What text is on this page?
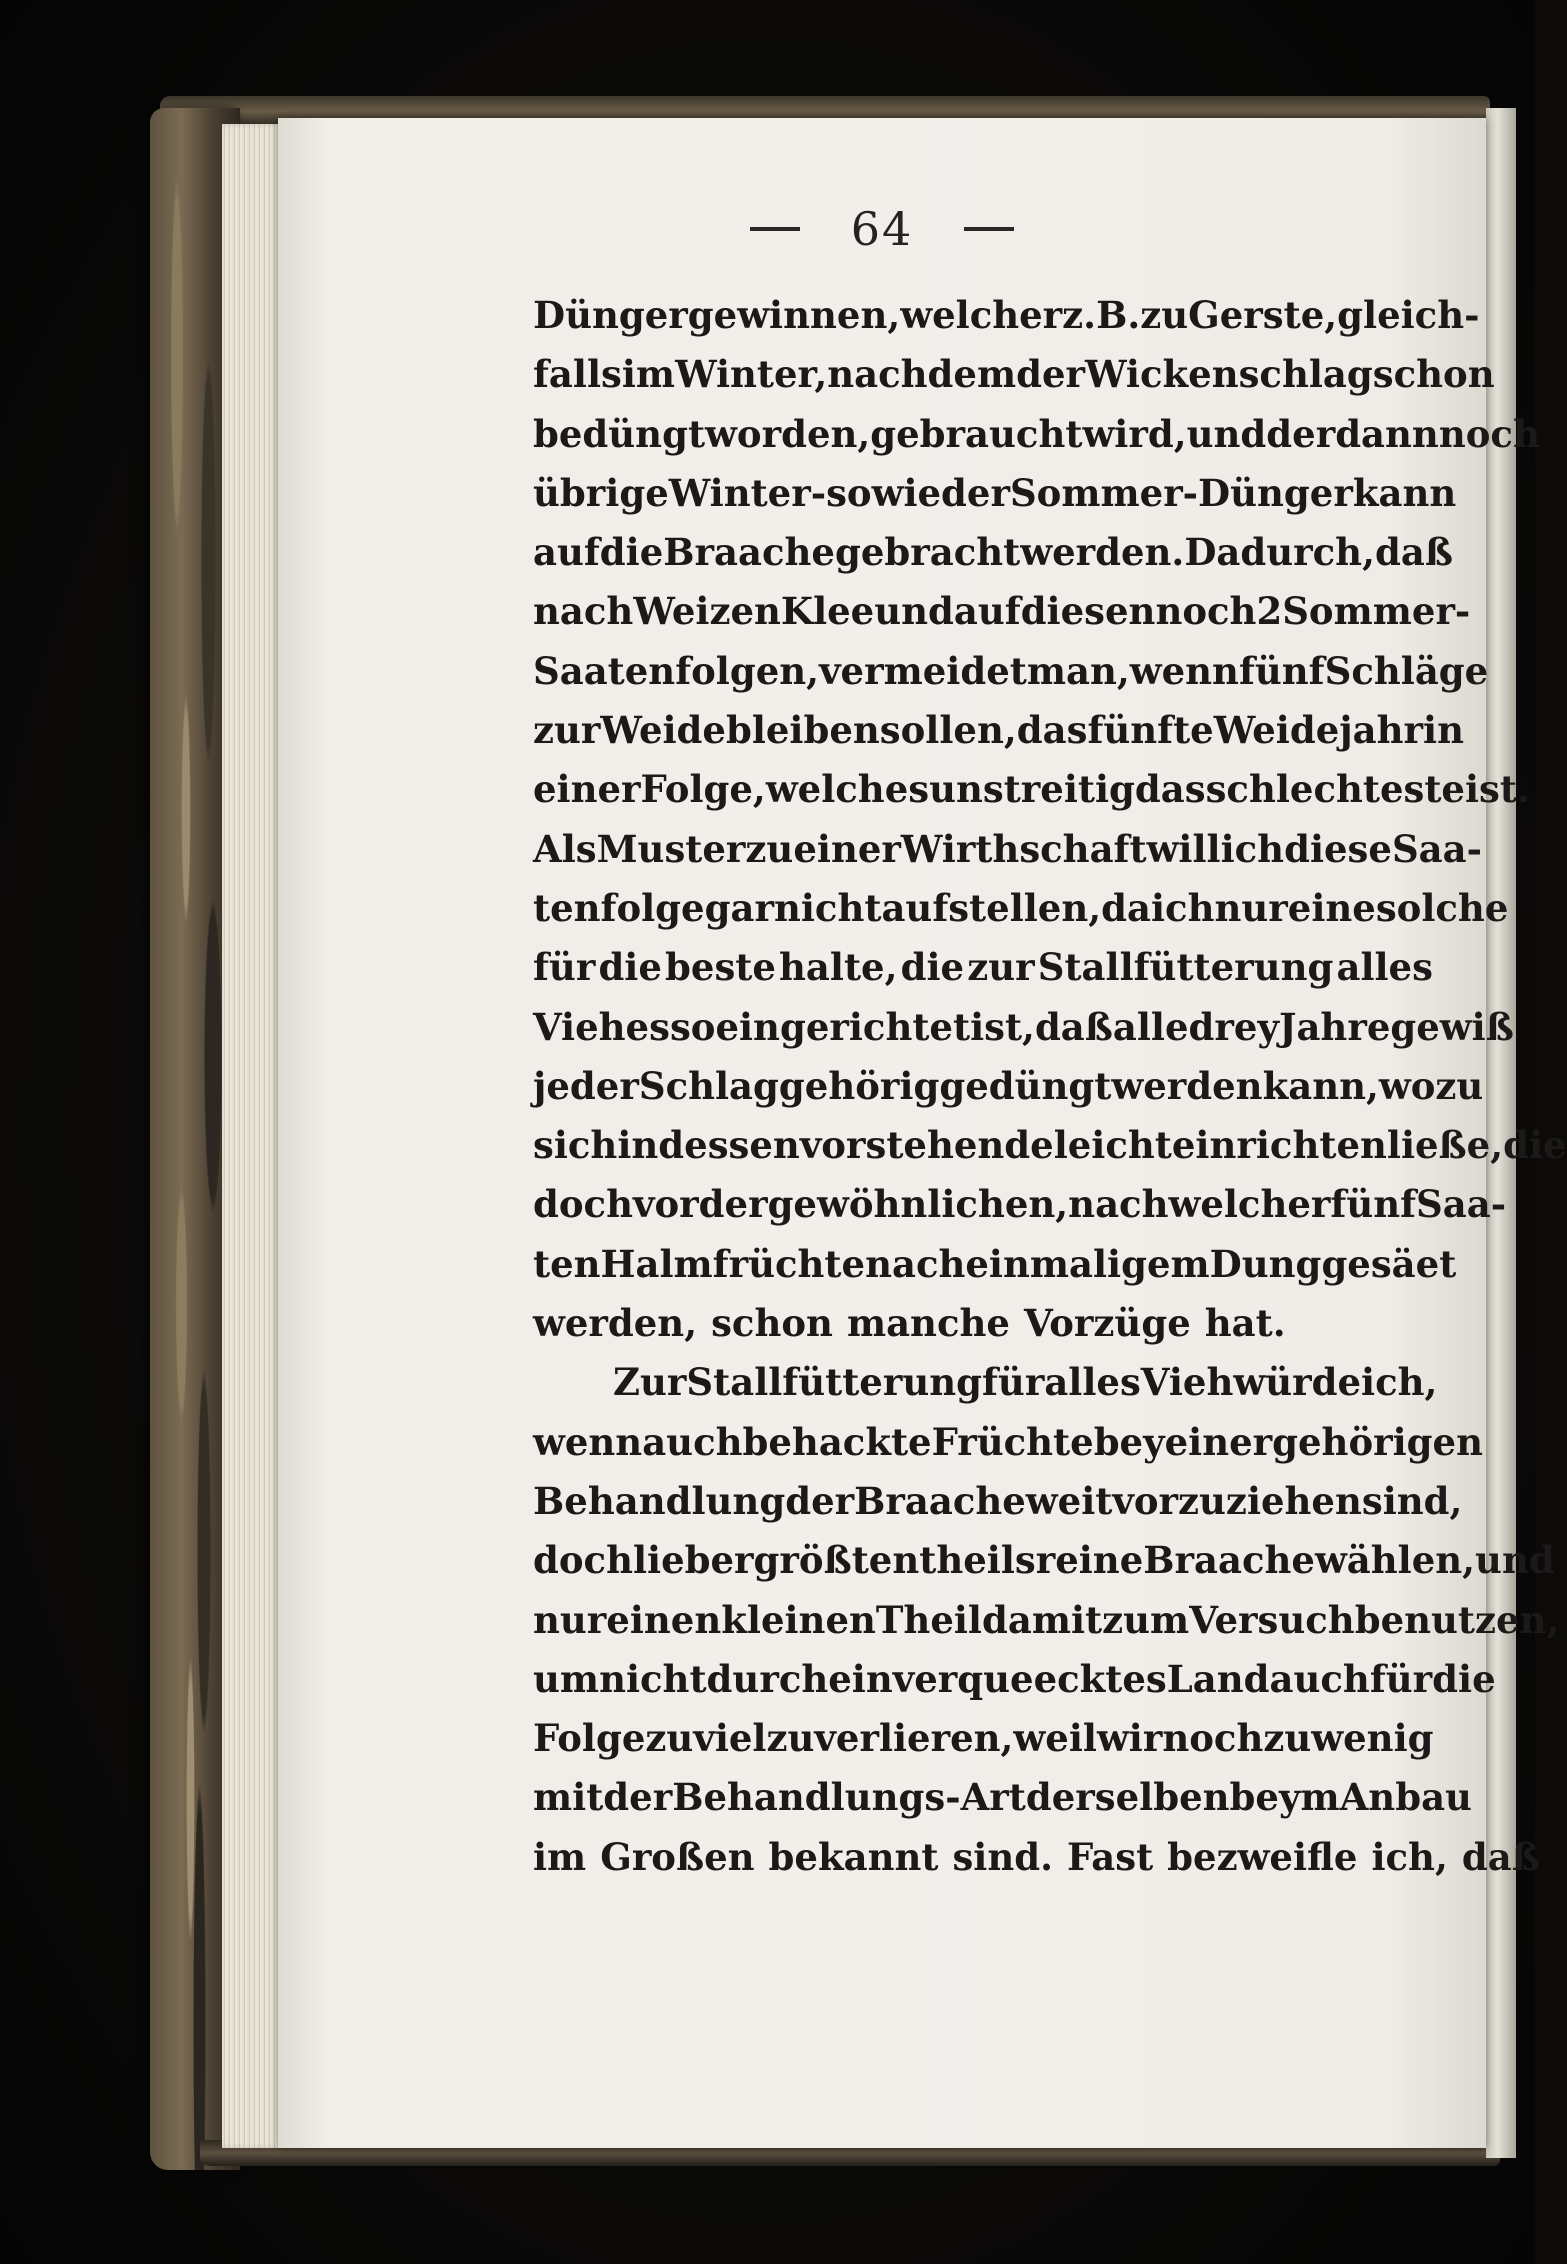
64
Dünger gewinnen, welcher z. B. zu Gerste, gleich-
falls im Winter, nachdem der Wickenschlag schon
bedüngt worden, gebraucht wird, und der dann noch
übrige Winter- so wie der Sommer-Dünger kann
auf die Braache gebracht werden. Dadurch, daß
nach Weizen Klee und auf diesen noch 2 Sommer-
Saaten folgen, vermeidet man, wenn fünf Schläge
zur Weide bleiben sollen, das fünfte Weidejahr in
einer Folge, welches unstreitig das schlechteste ist.
Als Muster zu einer Wirthschaft will ich diese Saa-
tenfolge gar nicht aufstellen, da ich nur eine solche
für die beste halte, die zur Stallfütterung alles
Viehes so eingerichtet ist, daß alle drey Jahre gewiß
jeder Schlag gehörig gedüngt werden kann, wozu
sich indessen vorstehende leicht einrichten ließe, die
doch vor der gewöhnlichen, nach welcher fünf Saa-
ten Halmfrüchte nach einmaligem Dung gesäet
werden, schon manche Vorzüge hat.
Zur Stallfütterung für alles Vieh würde ich,
wenn auch behackte Früchte bey einer gehörigen
Behandlung der Braache weit vorzuziehen sind,
doch lieber größtentheils reine Braache wählen, und
nur einen kleinen Theil damit zum Versuch benutzen,
um nicht durch ein verqueecktes Land auch für die
Folge zu viel zu verlieren, weil wir noch zu wenig
mit der Behandlungs-Art derselben beym Anbau
im Großen bekannt sind. Fast bezweifle ich, daß
